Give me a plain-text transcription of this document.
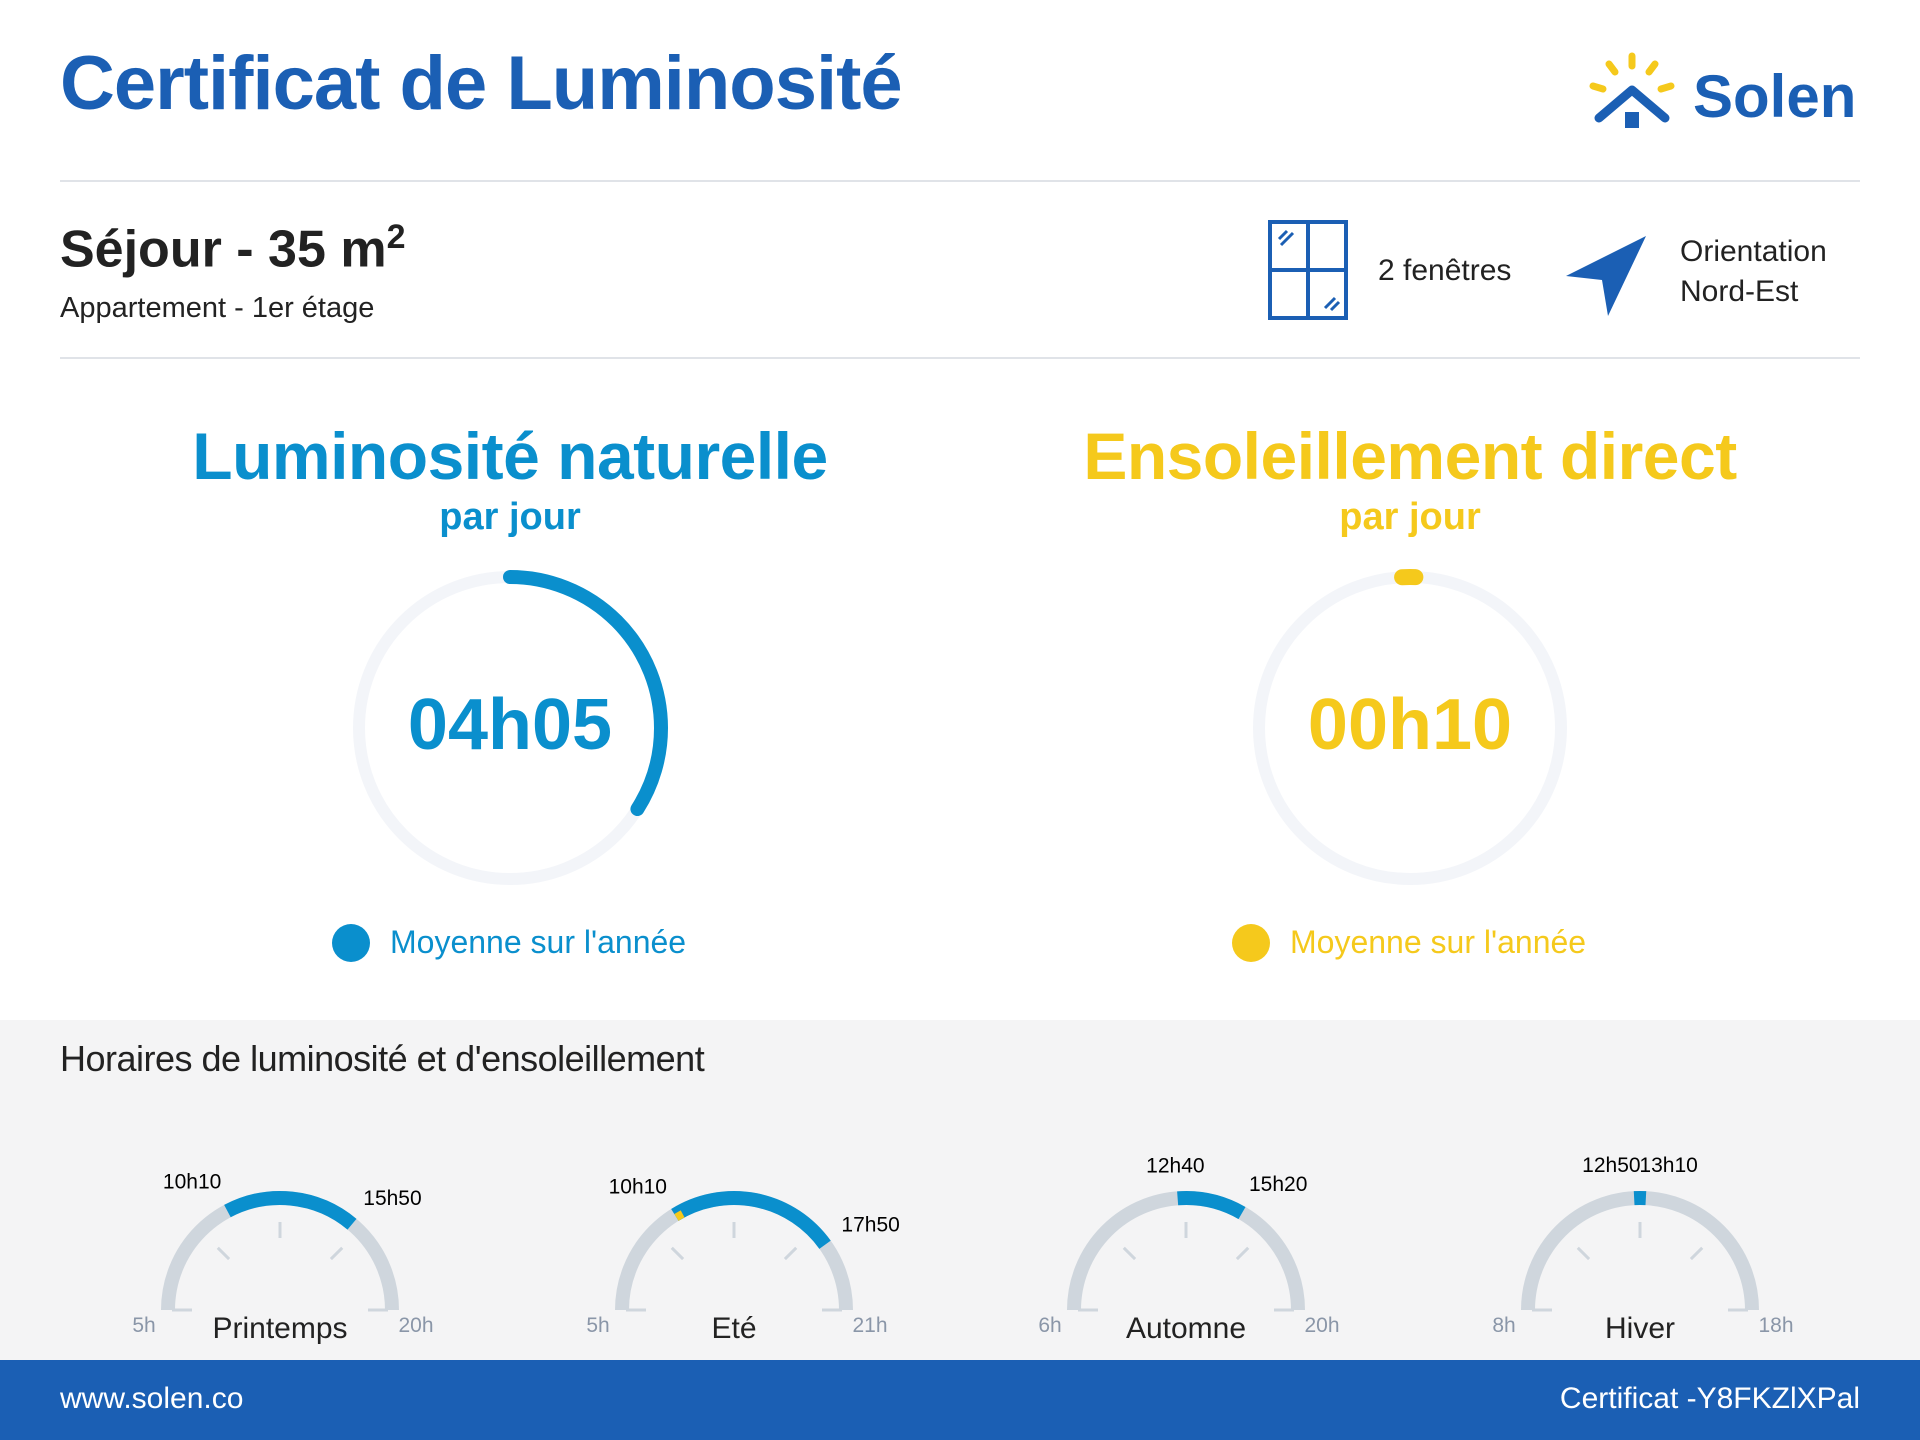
Certificat de Luminosité	Solen
Séjour - 35 $m^2$
Appartement - 1er étage
2 fenêtres
Orientation
Nord-Est
Luminosité naturelle
par jour
04h05
Moyenne sur l'année
Ensoleillement direct
par jour
00h10
Moyenne sur l'année
Horaires de luminosité et d'ensoleillement
10h10
15h50
5h	20h
Printemps
10h10
17h50
5h	21h
Eté
12h40
15h20
6h	20h
Automne
12h50
13h10
8h	18h
Hiver
www.solen.co	Certificat -Y8FKZlXPal
